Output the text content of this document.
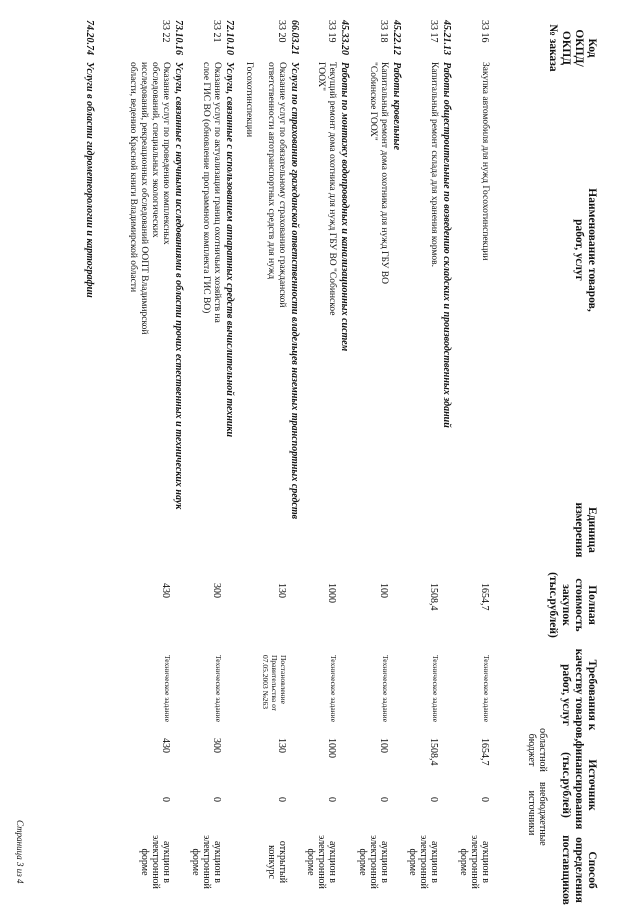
Код
ОКПД/
ОКПД
№ заказа
Наименование товаров,
работ, услуг
Единица
измерения
Полная
стоимость
закупок
(тыс.рублей)
Требования к
качеству товаров,
работ, услуг
Источник
финансирования
(тыс.рублей)
областной
бюджет
внебюджетные
источники
Способ
определения
поставщиков
33 16
Закупка автомобиля для нужд Госохотинспекции
1654,7
Техническое задание
1654,7
0
аукцион в
электронной
форме
45.21.13
Работы общестроительные по возведению складских и производственных зданий
33 17
Капитальный ремонт склада для хранения кормов.
1508,4
Техническое задание
1508,4
0
аукцион в
электронной
форме
45.22.12
Работы кровельные
33 18
Капитальный ремонт дома охотника для нужд ГБУ ВО
"Собинское ГООХ"
100
Техническое задание
100
0
аукцион в
электронной
форме
45.33.20
Работы по монтажу водопроводных и канализационных систем
33 19
Текущий ремонт дома охотника для нужд ГБУ ВО "Собинское
ГООХ"
1000
Техническое задание
1000
0
аукцион в
электронной
форме
66.03.21
Услуги по страхованию гражданской ответственности владельцев наземных транспортных средств
33 20
Оказание услуг по обязательному страхованию гражданской
ответственности автотранспортных средств для нужд
Госохотинспекции
130
Постановление
Правительства от
07.05.2003 №263
130
0
открытый
конкурс
72.10.10
Услуги, связанные с использованием аппаратных средств вычислительной техники
33 21
Оказание услуг по актуализации границ охотничьих хозяйств на
слое ГИС ВО (обновление программного комплекта ГИС ВО)
300
Техническое задание
300
0
аукцион в
электронной
форме
73.10.16
Услуги, связанные с научными исследованиями в области прочих естественных и технических наук
33 22
Оказание услуг по проведению комплексных
обследований, специальных экологических
исследований, рекреационных обследований ООПТ Владимирской
области, ведению Красной книги Владимирской области
430
Техническое задание
430
0
аукцион в
электронной
форме
74.20.74
Услуги в области гидрометеорологии и картографии
Страница 3 из 4
